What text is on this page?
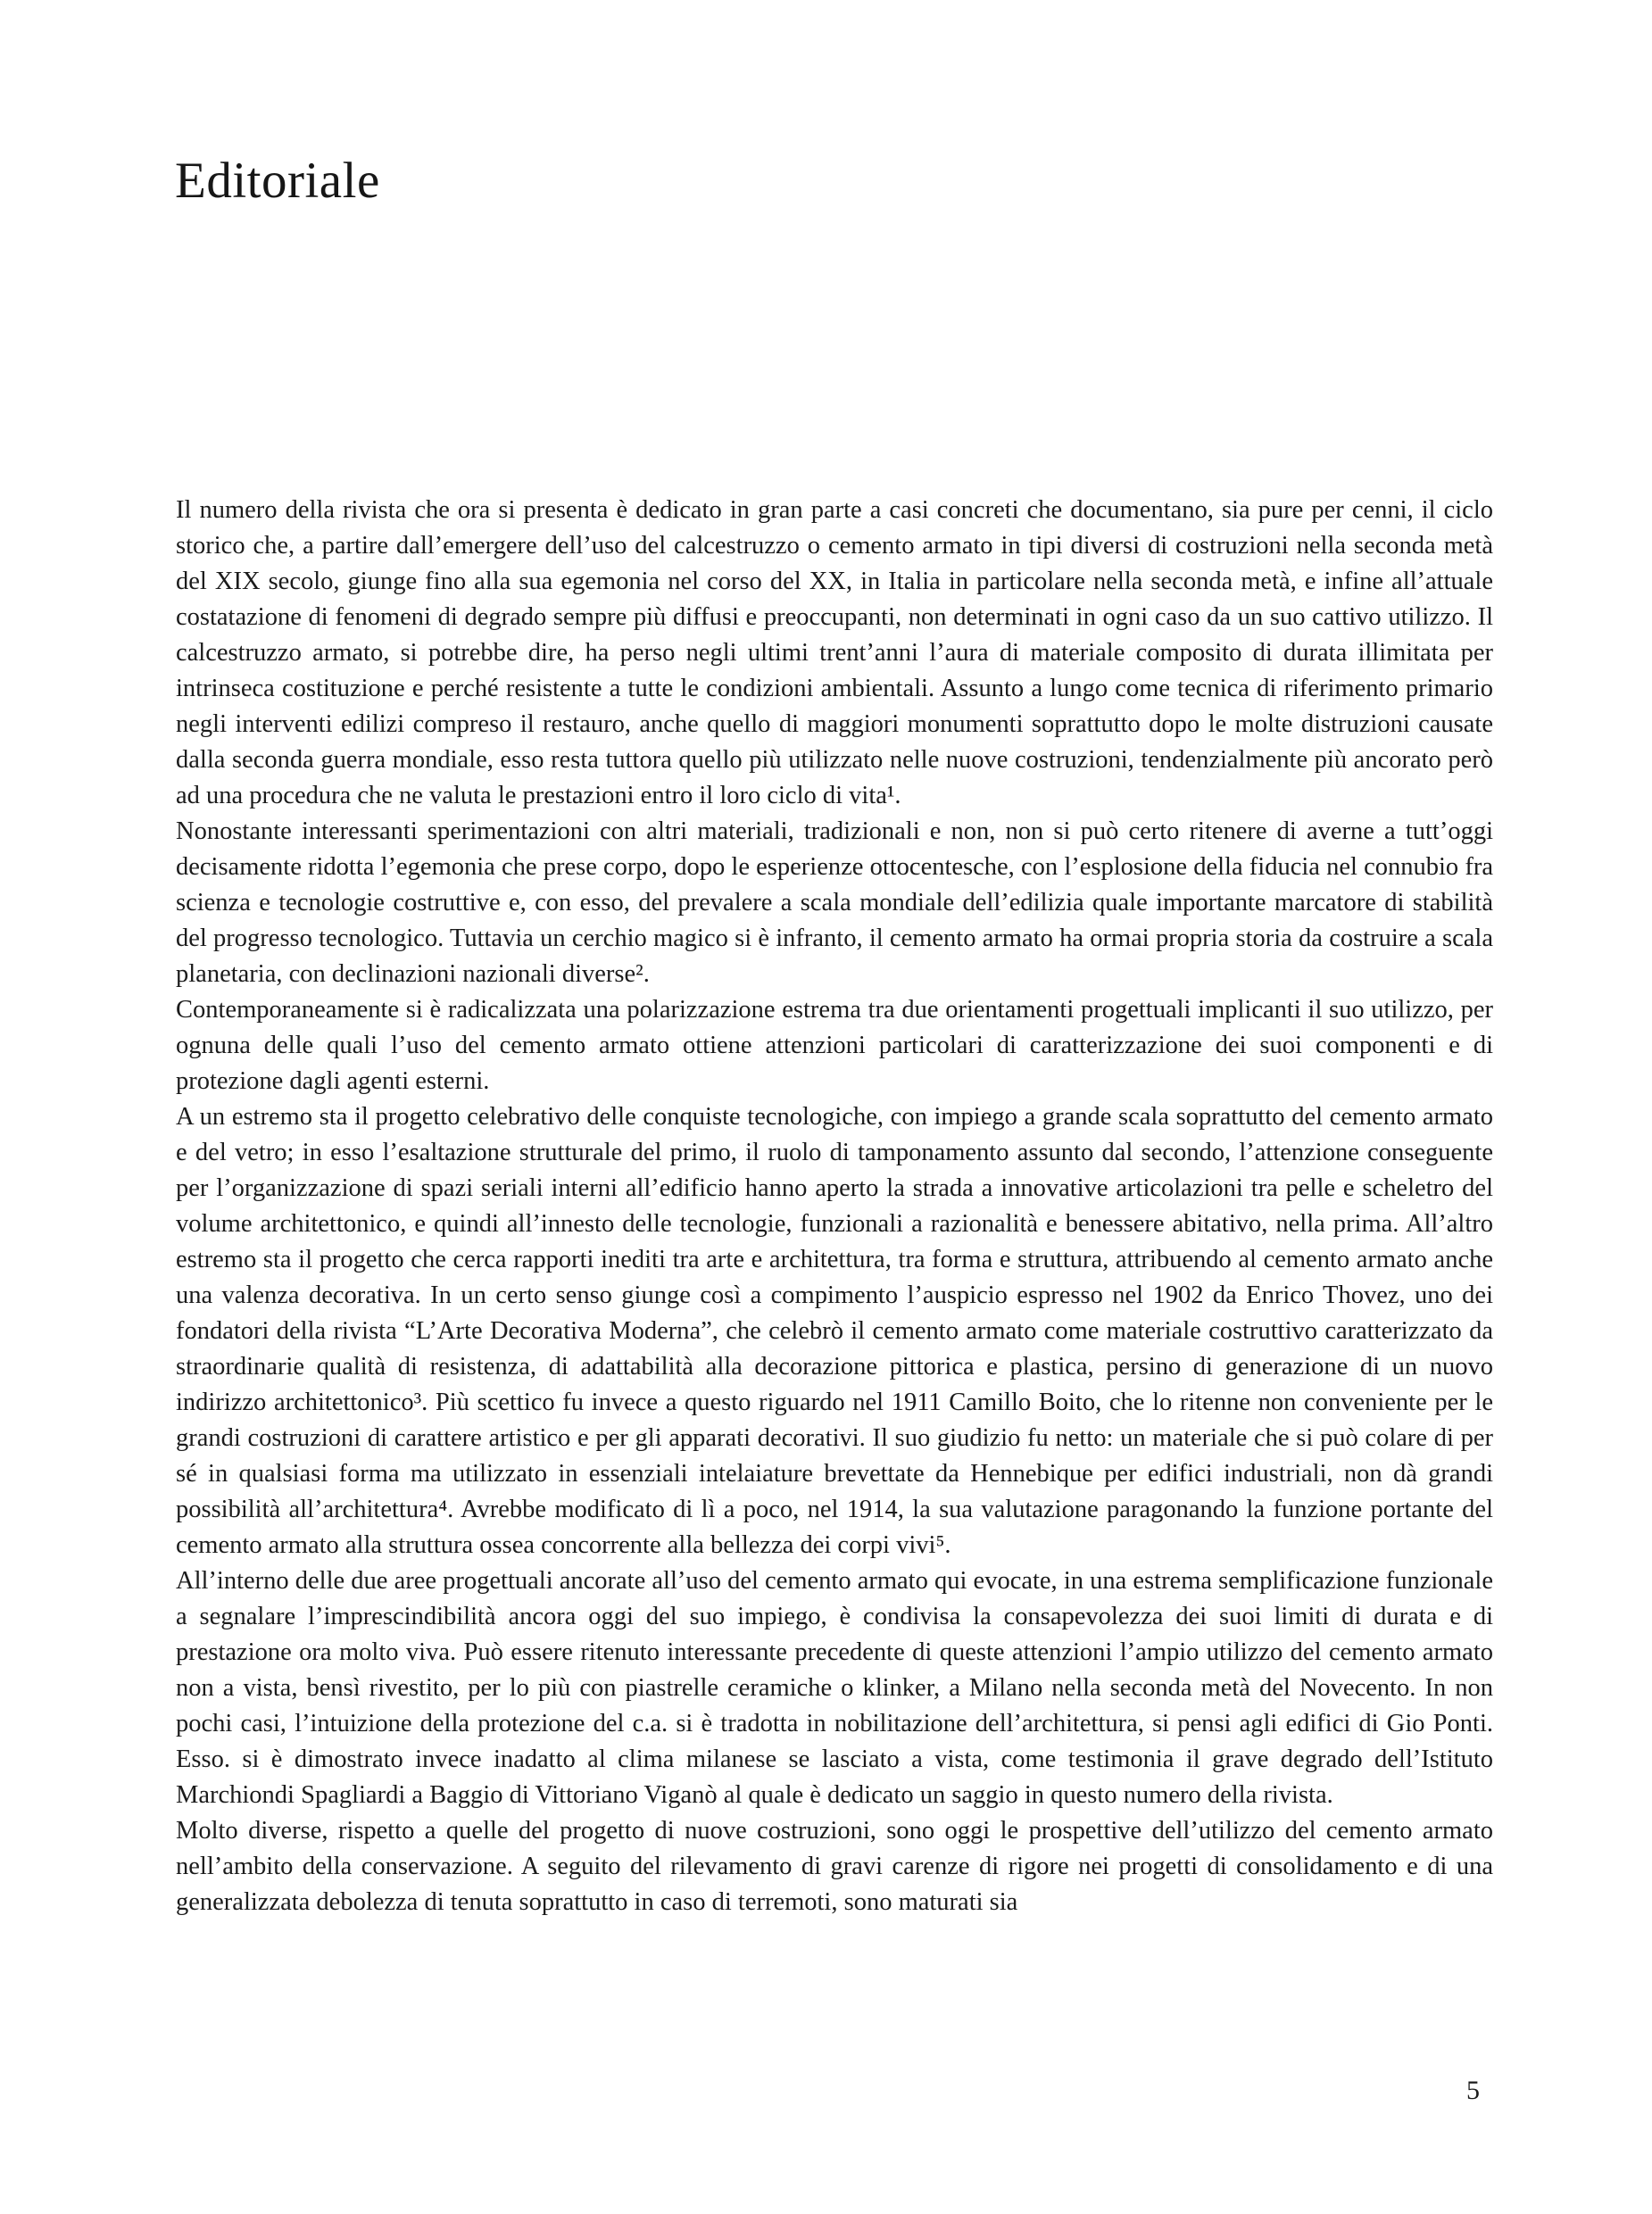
Editoriale

Il numero della rivista che ora si presenta è dedicato in gran parte a casi concreti che documentano, sia pure per cenni, il ciclo storico che, a partire dall’emergere dell’uso del calcestruzzo o cemento armato in tipi diversi di costruzioni nella seconda metà del XIX secolo, giunge fino alla sua egemonia nel corso del XX, in Italia in particolare nella seconda metà, e infine all’attuale costatazione di fenomeni di degrado sempre più diffusi e preoccupanti, non determinati in ogni caso da un suo cattivo utilizzo. Il calcestruzzo armato, si potrebbe dire, ha perso negli ultimi trent’anni l’aura di materiale composito di durata illimitata per intrinseca costituzione e perché resistente a tutte le condizioni ambientali. Assunto a lungo come tecnica di riferimento primario negli interventi edilizi compreso il restauro, anche quello di maggiori monumenti soprattutto dopo le molte distruzioni causate dalla seconda guerra mondiale, esso resta tuttora quello più utilizzato nelle nuove costruzioni, tendenzialmente più ancorato però ad una procedura che ne valuta le prestazioni entro il loro ciclo di vita¹.

Nonostante interessanti sperimentazioni con altri materiali, tradizionali e non, non si può certo ritenere di averne a tutt’oggi decisamente ridotta l’egemonia che prese corpo, dopo le esperienze ottocentesche, con l’esplosione della fiducia nel connubio fra scienza e tecnologie costruttive e, con esso, del prevalere a scala mondiale dell’edilizia quale importante marcatore di stabilità del progresso tecnologico. Tuttavia un cerchio magico si è infranto, il cemento armato ha ormai propria storia da costruire a scala planetaria, con declinazioni nazionali diverse².

Contemporaneamente si è radicalizzata una polarizzazione estrema tra due orientamenti progettuali implicanti il suo utilizzo, per ognuna delle quali l’uso del cemento armato ottiene attenzioni particolari di caratterizzazione dei suoi componenti e di protezione dagli agenti esterni.

A un estremo sta il progetto celebrativo delle conquiste tecnologiche, con impiego a grande scala soprattutto del cemento armato e del vetro; in esso l’esaltazione strutturale del primo, il ruolo di tamponamento assunto dal secondo, l’attenzione conseguente per l’organizzazione di spazi seriali interni all’edificio hanno aperto la strada a innovative articolazioni tra pelle e scheletro del volume architettonico, e quindi all’innesto delle tecnologie, funzionali a razionalità e benessere abitativo, nella prima. All’altro estremo sta il progetto che cerca rapporti inediti tra arte e architettura, tra forma e struttura, attribuendo al cemento armato anche una valenza decorativa. In un certo senso giunge così a compimento l’auspicio espresso nel 1902 da Enrico Thovez, uno dei fondatori della rivista “L’Arte Decorativa Moderna”, che celebrò il cemento armato come materiale costruttivo caratterizzato da straordinarie qualità di resistenza, di adattabilità alla decorazione pittorica e plastica, persino di generazione di un nuovo indirizzo architettonico³. Più scettico fu invece a questo riguardo nel 1911 Camillo Boito, che lo ritenne non conveniente per le grandi costruzioni di carattere artistico e per gli apparati decorativi. Il suo giudizio fu netto: un materiale che si può colare di per sé in qualsiasi forma ma utilizzato in essenziali intelaiature brevettate da Hennebique per edifici industriali, non dà grandi possibilità all’architettura⁴. Avrebbe modificato di lì a poco, nel 1914, la sua valutazione paragonando la funzione portante del cemento armato alla struttura ossea concorrente alla bellezza dei corpi vivi⁵.

All’interno delle due aree progettuali ancorate all’uso del cemento armato qui evocate, in una estrema semplificazione funzionale a segnalare l’imprescindibilità ancora oggi del suo impiego, è condivisa la consapevolezza dei suoi limiti di durata e di prestazione ora molto viva. Può essere ritenuto interessante precedente di queste attenzioni l’ampio utilizzo del cemento armato non a vista, bensì rivestito, per lo più con piastrelle ceramiche o klinker, a Milano nella seconda metà del Novecento. In non pochi casi, l’intuizione della protezione del c.a. si è tradotta in nobilitazione dell’architettura, si pensi agli edifici di Gio Ponti. Esso. si è dimostrato invece inadatto al clima milanese se lasciato a vista, come testimonia il grave degrado dell’Istituto Marchiondi Spagliardi a Baggio di Vittoriano Viganò al quale è dedicato un saggio in questo numero della rivista.

Molto diverse, rispetto a quelle del progetto di nuove costruzioni, sono oggi le prospettive dell’utilizzo del cemento armato nell’ambito della conservazione. A seguito del rilevamento di gravi carenze di rigore nei progetti di consolidamento e di una generalizzata debolezza di tenuta soprattutto in caso di terremoti, sono maturati sia

5
